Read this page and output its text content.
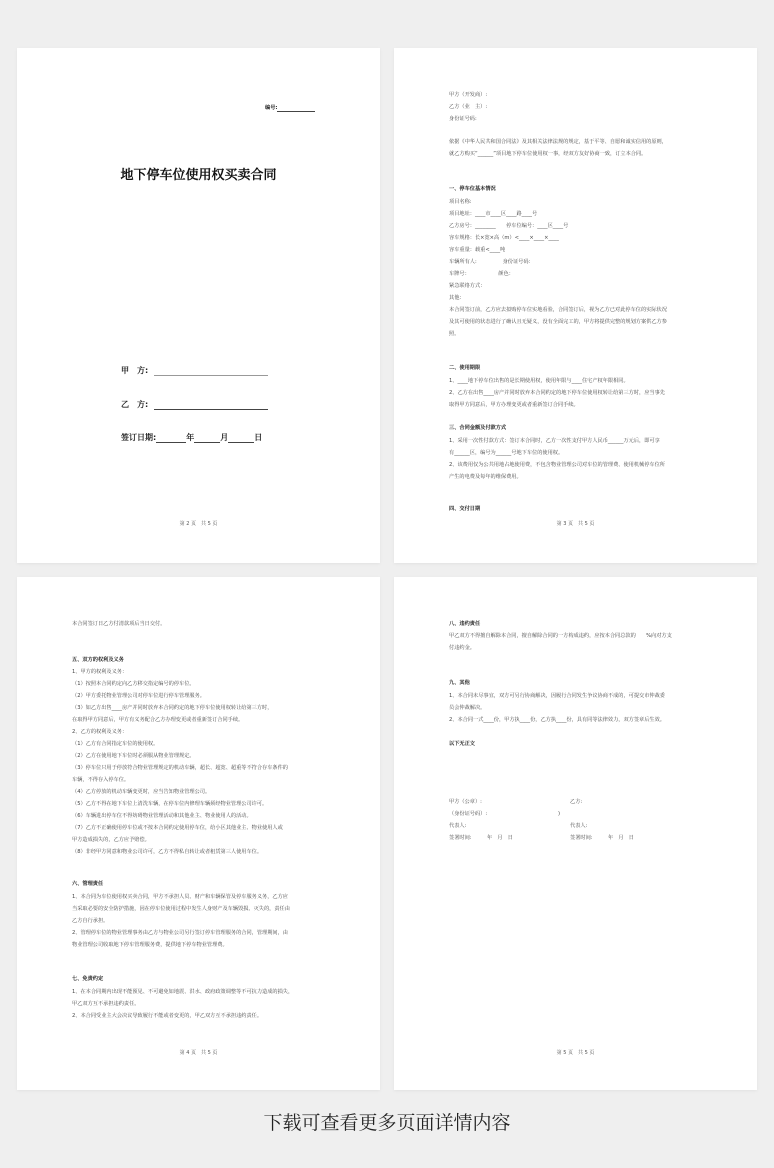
编号:
地下停车位使用权买卖合同
甲　方:
乙　方:
签订日期:	年	月	日
第 2 页　共 5 页
甲方（开发商）:
乙方（业　主）:
身份证号码:
依据《中华人民共和国合同法》及其相关法律法规的规定，基于平等、自愿和诚实信用的原则，
就乙方购买“______”项目地下停车位使用权一事，经双方友好协商一致，订立本合同。
一、停车位基本情况
项目名称:
项目地址：____市____区____路____号
乙方房号：________　　停车位编号：____区____号
容车规格：长×宽×高（m）<____×____×____
容车重量：载重<____吨
车辆所有人:　　　　　身份证号码：
车牌号：　　　　　　颜色：
紧急联络方式：
其他：
本合同签订前，乙方应去拟购停车位实地看验，合同签订后，视为乙方已对此停车位的实际状况
及其可使用的状态进行了确认且无疑义，没有全面完工的，甲方将提供完整的规划方案供乙方参
照。
二、使用期限
1、____地下停车位出售的是长期使用权，使用年限与____住宅产权年限相同。
2、乙方在出售____房产并同时放弃本合同约定的地下停车位使用权转让给第三方时，应当事先
取得甲方同意后，甲方办理变更或者重新签订合同手续。
三、合同金额及付款方式
1、采用一次性付款方式：签订本合同时，乙方一次性支付甲方人民币______万元后，即可享
有______区，编号为______号地下车位的使用权。
2、该费用仅为公共用地占地使用费，不包含物业管理公司对车位的管理费、使用机械停车位所
产生的电费及每年的维保费用。
四、交付日期
第 3 页　共 5 页
本合同签订日乙方付清款项后当日交付。
五、双方的权利及义务
1、甲方的权利及义务：
（1）按照本合同约定向乙方移交指定编号的停车位。
（2）甲方委托物业管理公司对停车位进行停车管理服务。
（3）如乙方出售____房产并同时放弃本合同约定的地下停车位使用权转让给第三方时，
在取得甲方同意后，甲方有义务配合乙方办理变更或者重新签订合同手续。
2、乙方的权利及义务：
（1）乙方有合同指定车位的使用权。
（2）乙方在使用地下车位时必须服从物业管理规定。
（3）停车位只用于停放符合物业管理规定的机动车辆，超长、超宽、超重等不符合存车条件的
车辆，不得存入停车位。
（4）乙方停放的机动车辆变更时，应当告知物业管理公司。
（5）乙方不得在地下车位上清洗车辆，在停车位内修理车辆须经物业管理公司许可。
（6）车辆进出停车位不得妨碍物业管理活动和其他业主、物业使用人的活动。
（7）乙方不正确使用停车位或不按本合同约定使用停车位，给小区其他业主、物业使用人或
甲方造成损失的，乙方应予赔偿。
（8）非经甲方同意和物业公司许可，乙方不得私自转让或者租赁第三人使用车位。
六、管理责任
1、本合同为车位使用权买卖合同，甲方不承担人员、财产和车辆保管及停车服务义务，乙方应
当采取必要的安全防护措施，因在停车位使用过程中发生人身财产及车辆毁损、灭失的，责任由
乙方自行承担。
2、管理停车位的物业管理事务由乙方与物业公司另行签订停车管理服务的合同，管理期间，由
物业管理公司收取地下停车管理服务费，提供地下停车物业管理费。
七、免责约定
1、在本合同期内出现不能预见、不可避免如地震、洪水、政府政策调整等不可抗力造成的损失，
甲乙双方互不承担违约责任。
2、本合同受业主大会决议导致履行不能或者变更的，甲乙双方互不承担违约责任。
第 4 页　共 5 页
八、违约责任
甲乙双方不得擅自解除本合同，擅自解除合同的一方构成违约，应按本合同总款的　　%向对方支
付违约金。
九、其他
1、本合同未尽事宜，双方可另行协商解决，因履行合同发生争议协商不成的，可提交市仲裁委
员会仲裁解决。
2、本合同一式____份，甲方执____份，乙方执____份，具有同等法律效力，双方签章后生效。
以下无正文
甲方（公章）:
（身份证号码）:
代表人:
签署时间:　　　年　月　日
乙方:
)
代表人:
签署时间:　　　年　月　日
第 5 页　共 5 页
下载可查看更多页面详情内容
